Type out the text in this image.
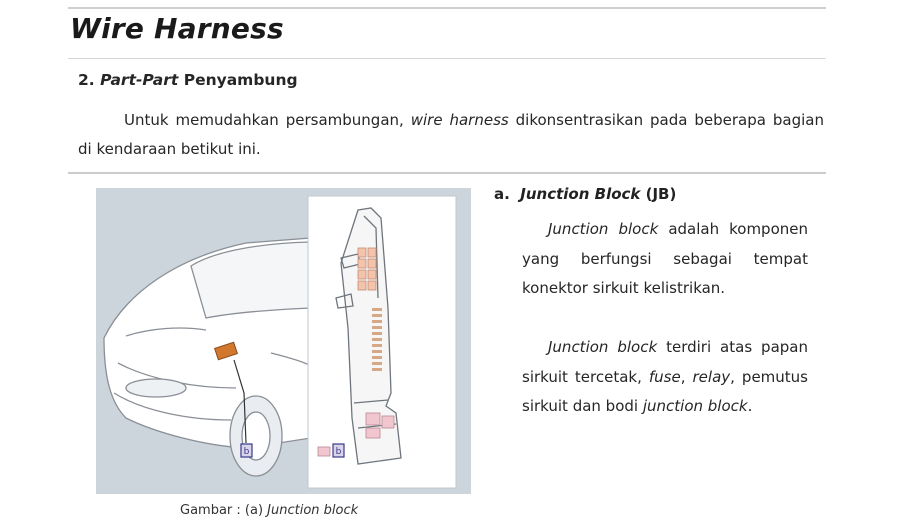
Wire Harness
2. Part-Part Penyambung
Untuk memudahkan persambungan, wire harness dikonsentrasikan pada beberapa bagian di kendaraan betikut ini.
b	b
Gambar : (a) Junction block
a. Junction Block (JB)
Junction block adalah komponen yang berfungsi sebagai tempat konektor sirkuit kelistrikan.
Junction block terdiri atas papan sirkuit tercetak, fuse, relay, pemutus sirkuit dan bodi junction block.
